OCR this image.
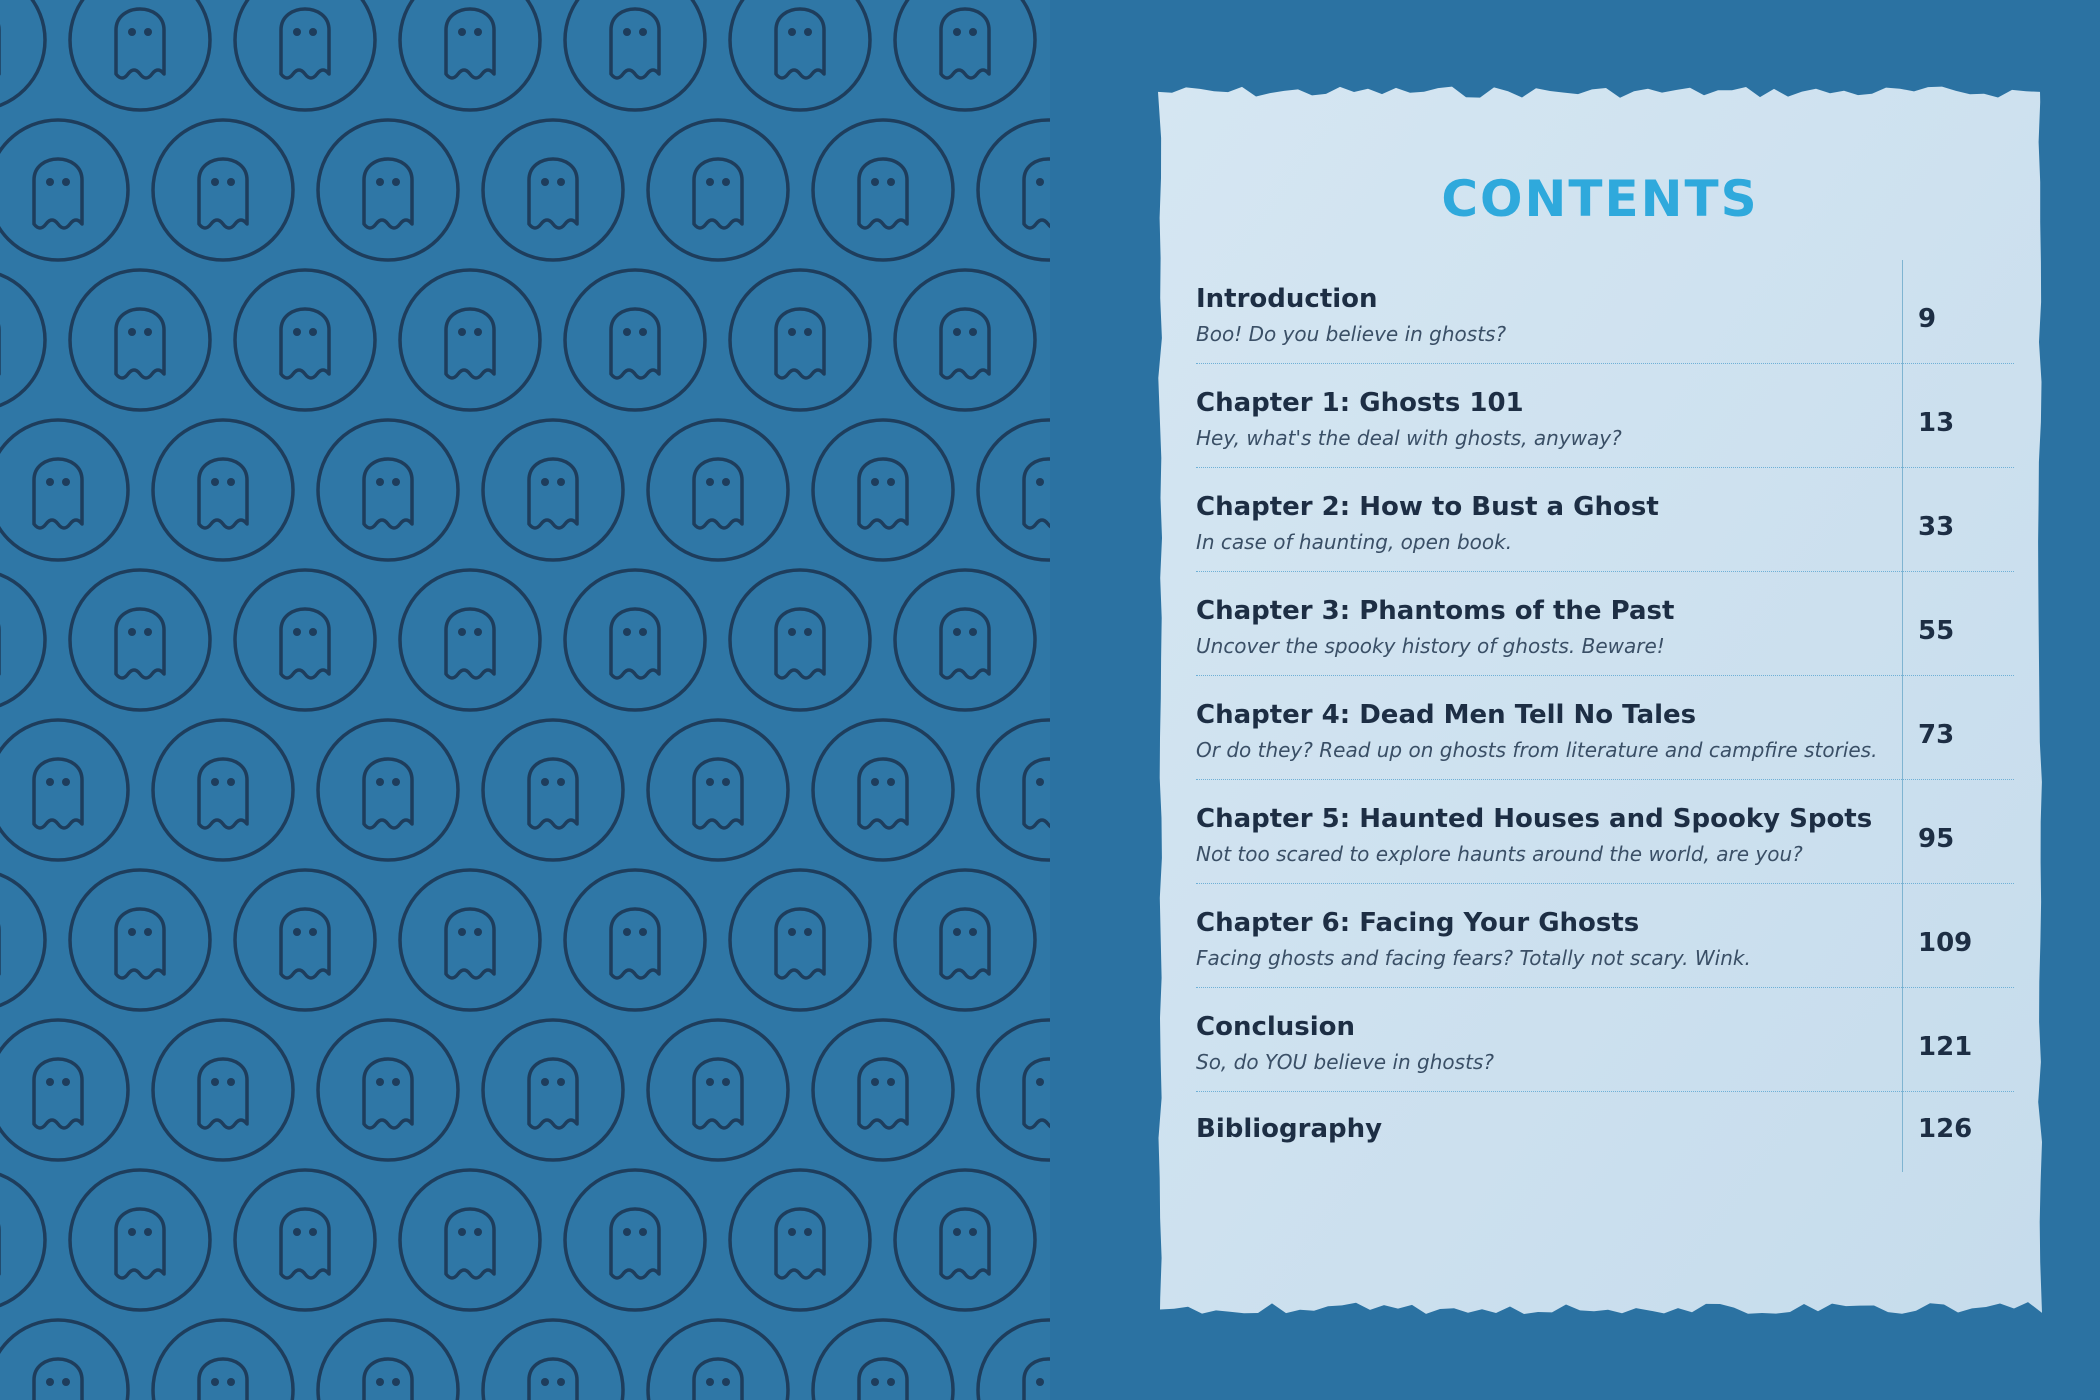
CONTENTS
Introduction
Boo! Do you believe in ghosts?	9
Chapter 1: Ghosts 101
Hey, what's the deal with ghosts, anyway?	13
Chapter 2: How to Bust a Ghost
In case of haunting, open book.	33
Chapter 3: Phantoms of the Past
Uncover the spooky history of ghosts. Beware!	55
Chapter 4: Dead Men Tell No Tales
Or do they? Read up on ghosts from literature and campfire stories. 73
Chapter 5: Haunted Houses and Spooky Spots
Not too scared to explore haunts around the world, are you?	95
Chapter 6: Facing Your Ghosts
Facing ghosts and facing fears? Totally not scary. Wink.	109
Conclusion
So, do YOU believe in ghosts?	121
Bibliography	126
